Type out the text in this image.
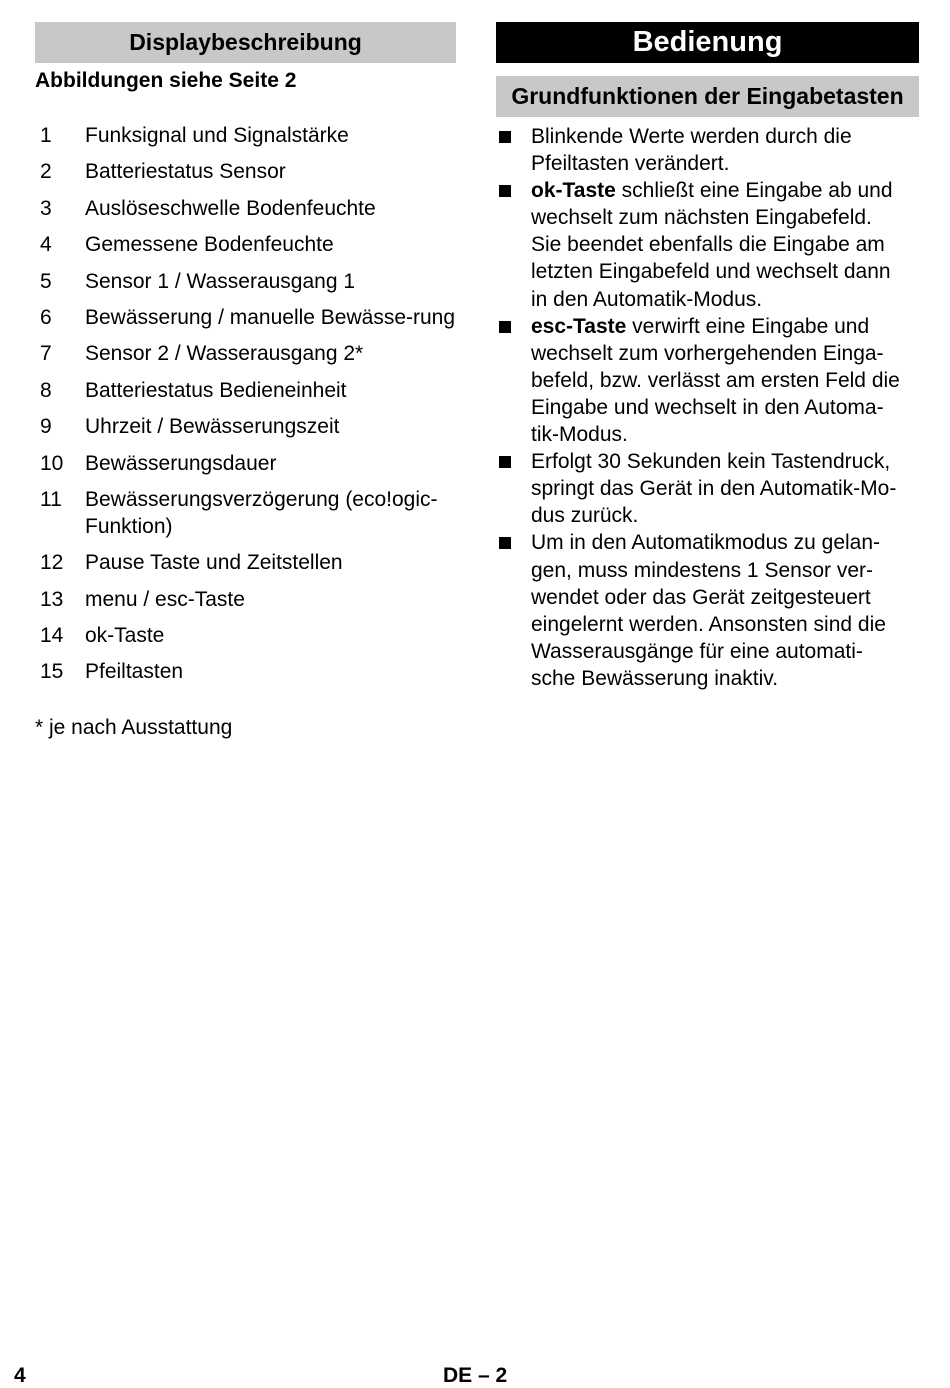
Displaybeschreibung
Abbildungen siehe Seite 2
1	Funksignal und Signalstärke
2	Batteriestatus Sensor
3	Auslöseschwelle Bodenfeuchte
4	Gemessene Bodenfeuchte
5	Sensor 1 / Wasserausgang 1
6	Bewässerung / manuelle Bewässe-rung
7	Sensor 2 / Wasserausgang 2*
8	Batteriestatus Bedieneinheit
9	Uhrzeit / Bewässerungszeit
10	Bewässerungsdauer
11	Bewässerungsverzögerung (eco!ogic-Funktion)
12	Pause Taste und Zeitstellen
13	menu / esc-Taste
14	ok-Taste
15	Pfeiltasten
* je nach Ausstattung
Bedienung
Grundfunktionen der Eingabetasten
Blinkende Werte werden durch die
Pfeiltasten verändert.
ok-Taste schließt eine Eingabe ab und
wechselt zum nächsten Eingabefeld.
Sie beendet ebenfalls die Eingabe am
letzten Eingabefeld und wechselt dann
in den Automatik-Modus.
esc-Taste verwirft eine Eingabe und
wechselt zum vorhergehenden Einga-
befeld, bzw. verlässt am ersten Feld die
Eingabe und wechselt in den Automa-
tik-Modus.
Erfolgt 30 Sekunden kein Tastendruck,
springt das Gerät in den Automatik-Mo-
dus zurück.
Um in den Automatikmodus zu gelan-
gen, muss mindestens 1 Sensor ver-
wendet oder das Gerät zeitgesteuert
eingelernt werden. Ansonsten sind die
Wasserausgänge für eine automati-
sche Bewässerung inaktiv.
4	DE – 2
